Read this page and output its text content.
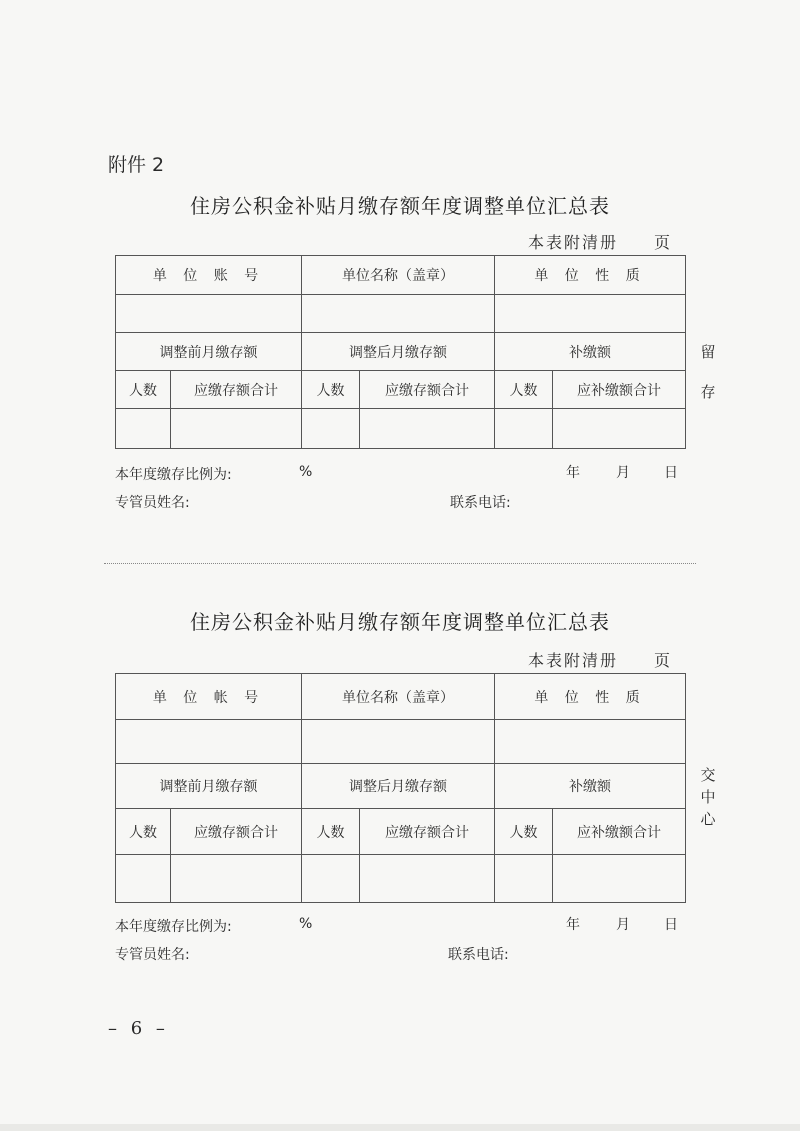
附件 2
住房公积金补贴月缴存额年度调整单位汇总表
本表附清册 页
单 位 账 号		单位名称（盖章）		单 位 性 质	

调整前月缴存额		调整后月缴存额		补缴额	
人数	应缴存额合计	人数	应缴存额合计	人数	应补缴额合计

留
存
本年度缴存比例为:	%	年	月 日
专管员姓名:	联系电话:
住房公积金补贴月缴存额年度调整单位汇总表
本表附清册 页
单 位 帐 号		单位名称（盖章）		单 位 性 质	

调整前月缴存额		调整后月缴存额		补缴额	
人数	应缴存额合计	人数	应缴存额合计	人数	应补缴额合计

交
中
心
本年度缴存比例为:	%	年	月 日
专管员姓名:	联系电话:
– 6 –
